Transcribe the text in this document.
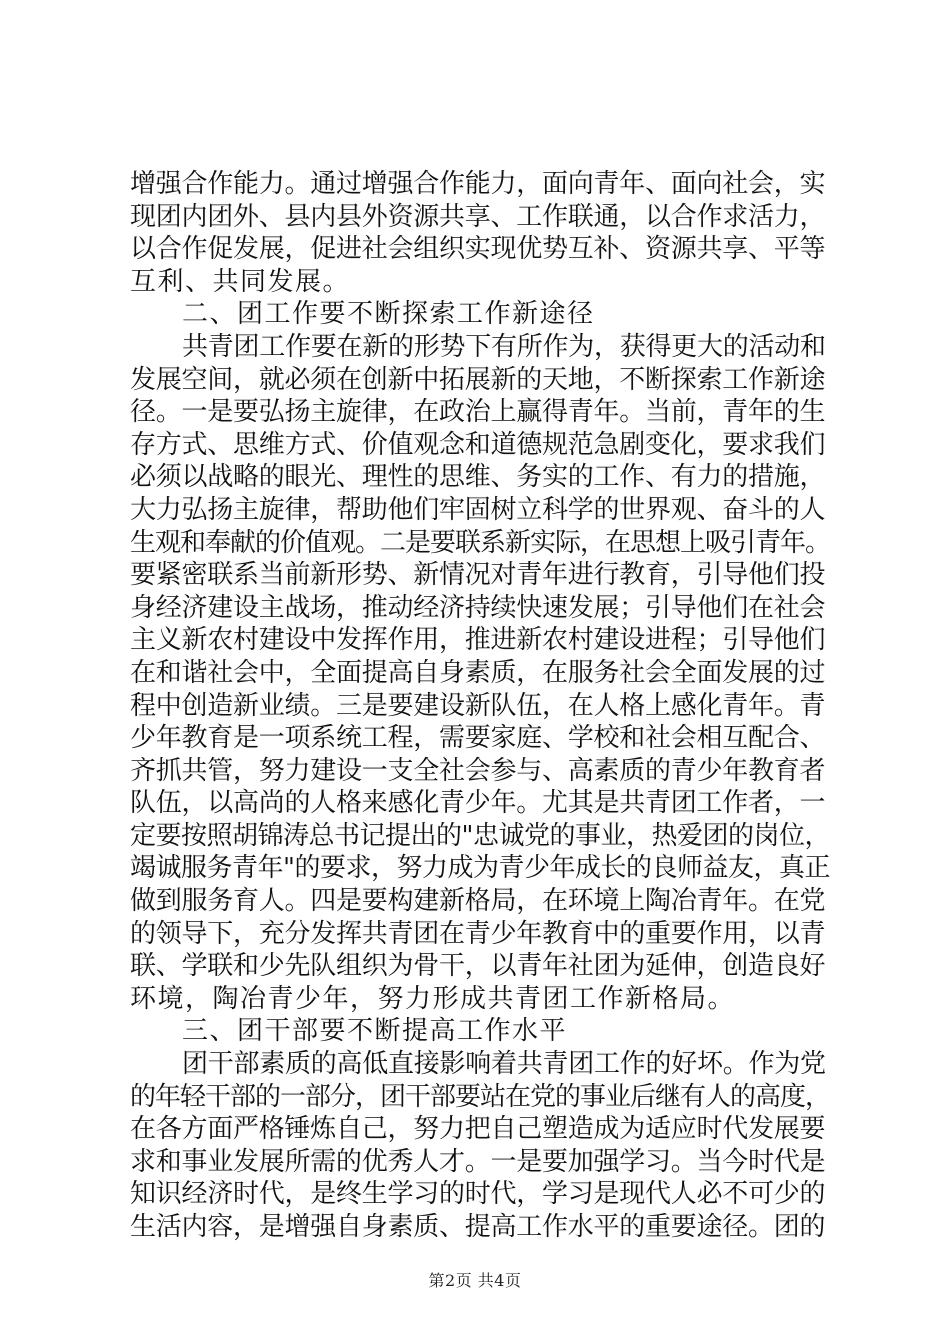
增强合作能力。通过增强合作能力，面向青年、面向社会，实
现团内团外、县内县外资源共享、工作联通，以合作求活力，
以合作促发展，促进社会组织实现优势互补、资源共享、平等
互利、共同发展。
二、团工作要不断探索工作新途径
共青团工作要在新的形势下有所作为，获得更大的活动和
发展空间，就必须在创新中拓展新的天地，不断探索工作新途
径。一是要弘扬主旋律，在政治上赢得青年。当前，青年的生
存方式、思维方式、价值观念和道德规范急剧变化，要求我们
必须以战略的眼光、理性的思维、务实的工作、有力的措施，
大力弘扬主旋律，帮助他们牢固树立科学的世界观、奋斗的人
生观和奉献的价值观。二是要联系新实际，在思想上吸引青年。
要紧密联系当前新形势、新情况对青年进行教育，引导他们投
身经济建设主战场，推动经济持续快速发展；引导他们在社会
主义新农村建设中发挥作用，推进新农村建设进程；引导他们
在和谐社会中，全面提高自身素质，在服务社会全面发展的过
程中创造新业绩。三是要建设新队伍，在人格上感化青年。青
少年教育是一项系统工程，需要家庭、学校和社会相互配合、
齐抓共管，努力建设一支全社会参与、高素质的青少年教育者
队伍，以高尚的人格来感化青少年。尤其是共青团工作者，一
定要按照胡锦涛总书记提出的"忠诚党的事业，热爱团的岗位，
竭诚服务青年"的要求，努力成为青少年成长的良师益友，真正
做到服务育人。四是要构建新格局，在环境上陶冶青年。在党
的领导下，充分发挥共青团在青少年教育中的重要作用，以青
联、学联和少先队组织为骨干，以青年社团为延伸，创造良好
环境，陶冶青少年，努力形成共青团工作新格局。
三、团干部要不断提高工作水平
团干部素质的高低直接影响着共青团工作的好坏。作为党
的年轻干部的一部分，团干部要站在党的事业后继有人的高度，
在各方面严格锤炼自己，努力把自己塑造成为适应时代发展要
求和事业发展所需的优秀人才。一是要加强学习。当今时代是
知识经济时代，是终生学习的时代，学习是现代人必不可少的
生活内容，是增强自身素质、提高工作水平的重要途径。团的
第2页 共4页
